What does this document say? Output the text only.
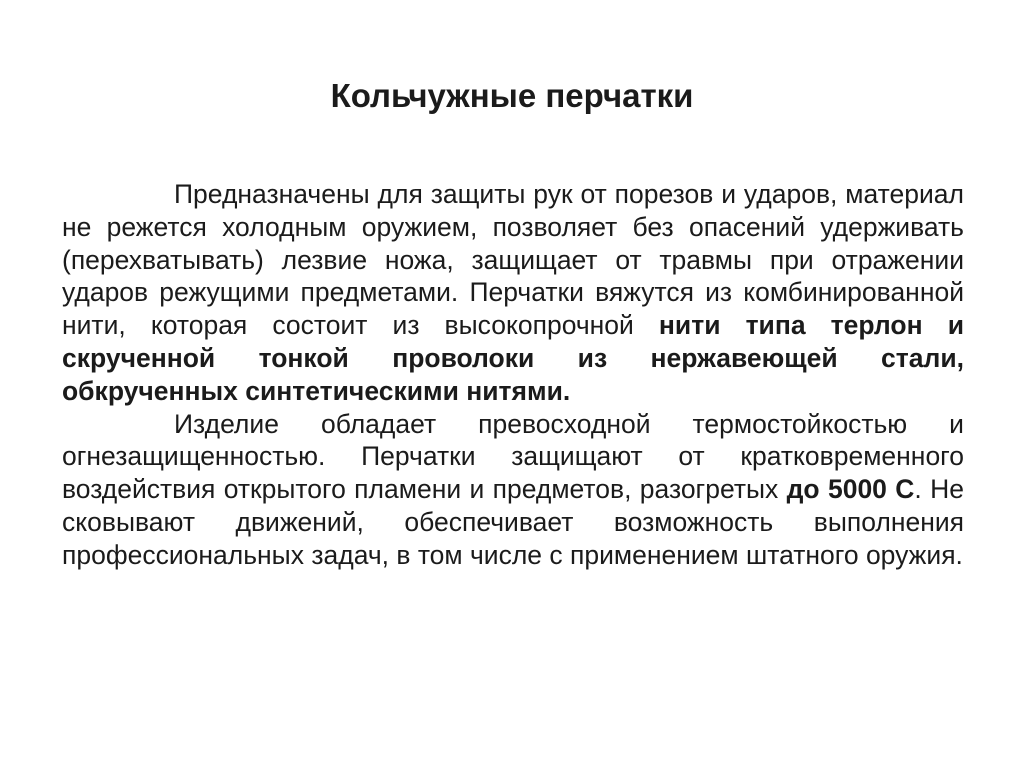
Кольчужные перчатки

Предназначены для защиты рук от порезов и ударов, материал не режется холодным оружием, позволяет без опасений удерживать (перехватывать) лезвие ножа, защищает от травмы при отражении ударов режущими предметами. Перчатки вяжутся из комбинированной нити, которая состоит из высокопрочной нити типа терлон и скрученной тонкой проволоки из нержавеющей стали, обкрученных синтетическими нитями.

Изделие обладает превосходной термостойкостью и огнезащищенностью. Перчатки защищают от кратковременного воздействия открытого пламени и предметов, разогретых до 5000 С. Не сковывают движений, обеспечивает возможность выполнения профессиональных задач, в том числе с применением штатного оружия.
